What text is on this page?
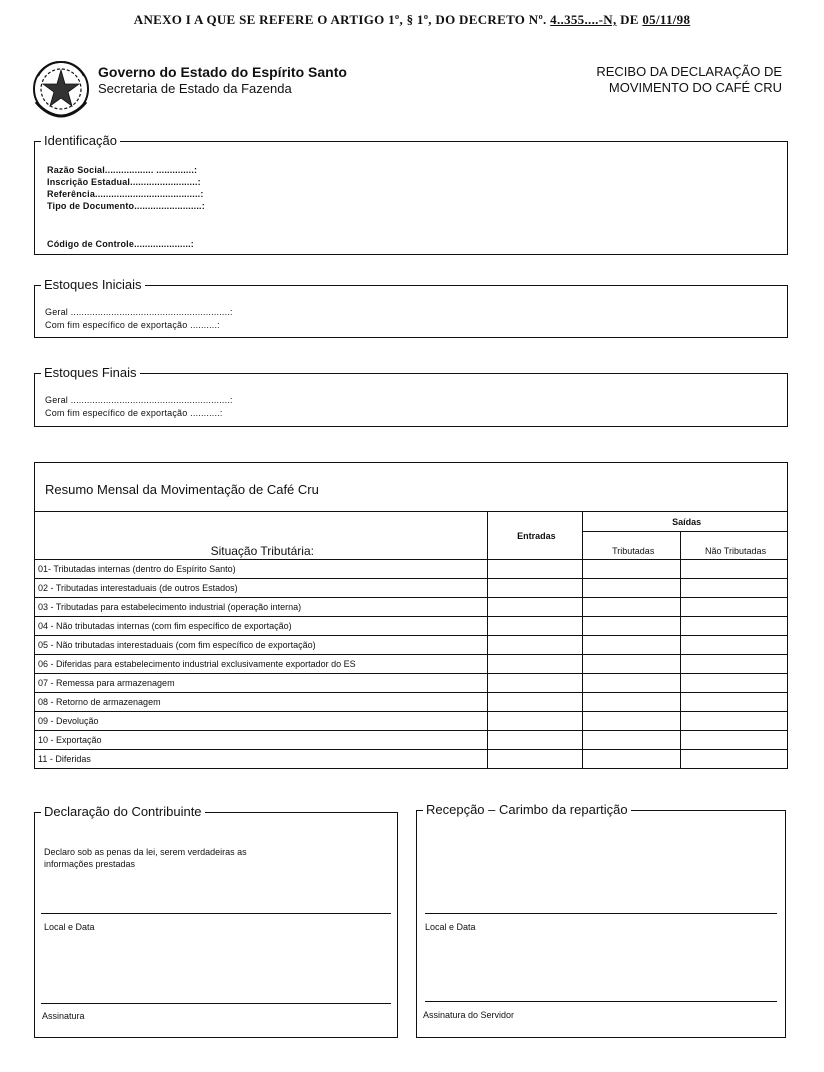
ANEXO I A QUE SE REFERE O ARTIGO 1º, § 1º, DO DECRETO Nº. 4..355....-N, DE 05/11/98
Governo do Estado do Espírito Santo
Secretaria de Estado da Fazenda
RECIBO DA DECLARAÇÃO DE
MOVIMENTO DO CAFÉ CRU
Identificação
Razão Social.................. ..............:
Inscrição Estadual.........................:
Referência.......................................:
Tipo de Documento.........................:
Código de Controle.....................:
Estoques Iniciais
Geral ...........................................................:
Com fim específico de exportação ..........:
Estoques Finais
Geral ...........................................................:
Com fim específico de exportação ...........:
Resumo Mensal da Movimentação de Café Cru
Situação Tributária:	Entradas	Saídas	
		Tributadas	Não Tributadas
01- Tributadas internas (dentro do Espírito Santo)			
02 - Tributadas interestaduais (de outros Estados)			
03 - Tributadas para estabelecimento industrial (operação interna)			
04 - Não tributadas internas (com fim específico de exportação)			
05 - Não tributadas interestaduais (com fim específico de exportação)			
06 - Diferidas para estabelecimento industrial exclusivamente exportador do ES			
07 - Remessa para armazenagem			
08 - Retorno de armazenagem			
09 - Devolução			
10 - Exportação			
11 - Diferidas			
Declaração do Contribuinte
Declaro sob as penas da lei, serem verdadeiras as
informações prestadas
Local e Data
Assinatura
Recepção – Carimbo da repartição
Local e Data
Assinatura do Servidor
